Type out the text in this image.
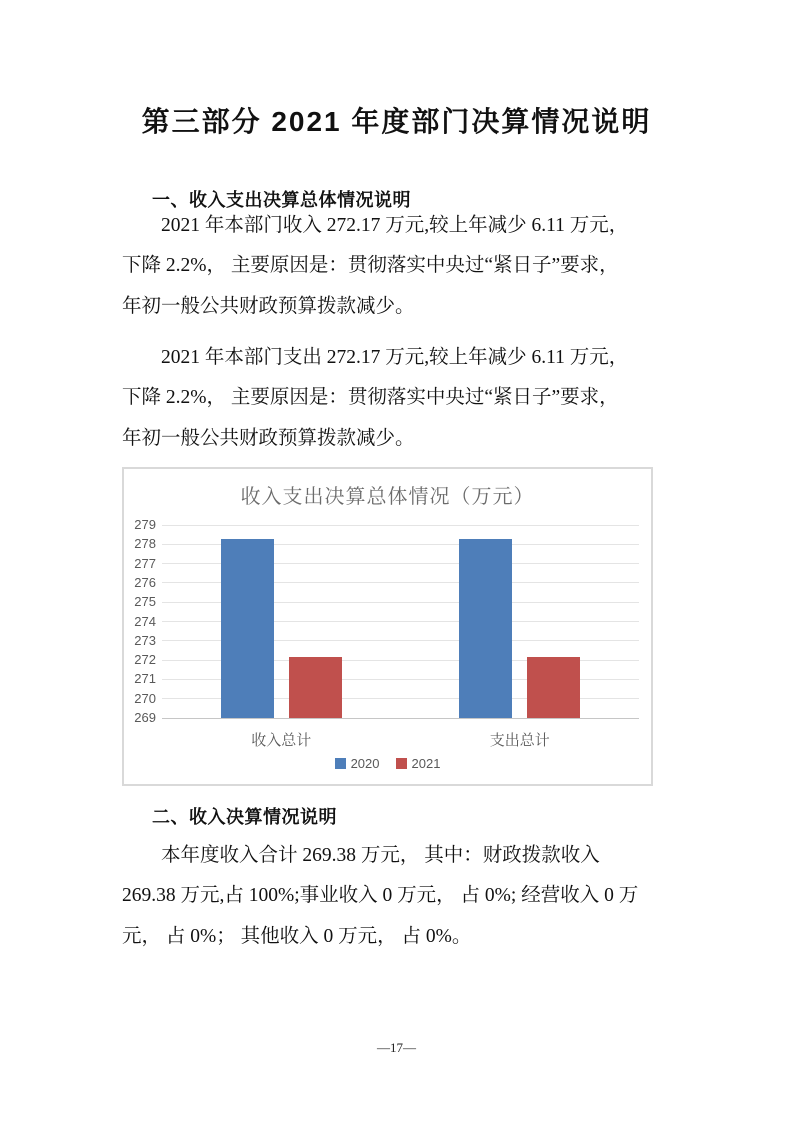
第三部分 2021 年度部门决算情况说明
一、收入支出决算总体情况说明
2021 年本部门收入 272.17 万元,较上年减少 6.11 万元，
下降 2.2%， 主要原因是：贯彻落实中央过“紧日子”要求，
年初一般公共财政预算拨款减少。
2021 年本部门支出 272.17 万元,较上年减少 6.11 万元，
下降 2.2%， 主要原因是：贯彻落实中央过“紧日子”要求，
年初一般公共财政预算拨款减少。
收入支出决算总体情况（万元）
279
278
277
276
275
274
273
272
271
270
269
收入总计	支出总计
2020 2021
二、收入决算情况说明
本年度收入合计 269.38 万元， 其中：财政拨款收入
269.38 万元,占 100%;事业收入 0 万元， 占 0%; 经营收入 0 万
元， 占 0%； 其他收入 0 万元， 占 0%。
—17—
